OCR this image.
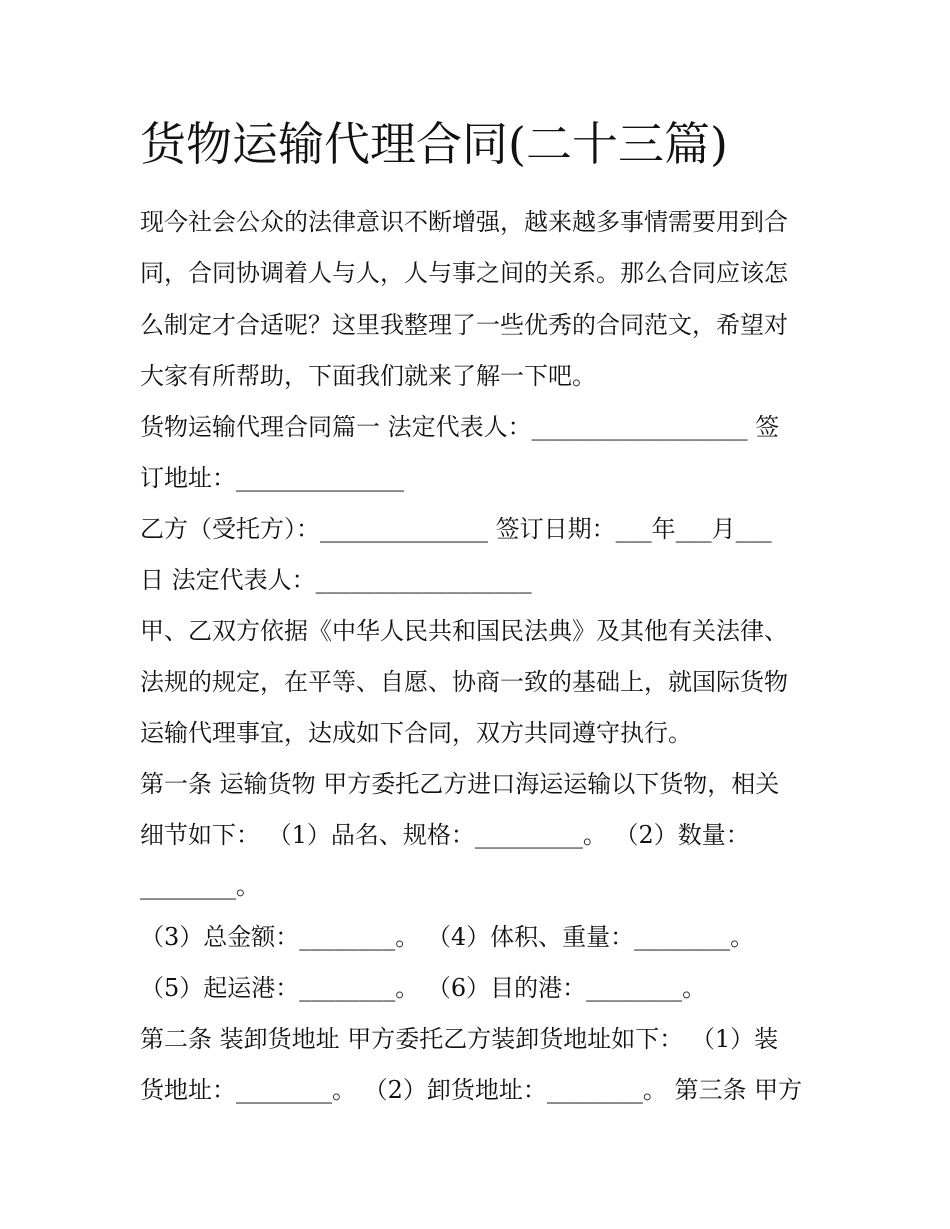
货物运输代理合同(二十三篇)
现今社会公众的法律意识不断增强，越来越多事情需要用到合
同，合同协调着人与人，人与事之间的关系。那么合同应该怎
么制定才合适呢？这里我整理了一些优秀的合同范文，希望对
大家有所帮助，下面我们就来了解一下吧。
货物运输代理合同篇一 法定代表人：__________________ 签
订地址：______________
乙方（受托方）：______________ 签订日期：___年___月___
日 法定代表人：__________________
甲、乙双方依据《中华人民共和国民法典》及其他有关法律、
法规的规定，在平等、自愿、协商一致的基础上，就国际货物
运输代理事宜，达成如下合同，双方共同遵守执行。
第一条 运输货物 甲方委托乙方进口海运运输以下货物，相关
细节如下： （1）品名、规格：_________。 （2）数量：
________。
（3）总金额：________。 （4）体积、重量：________。
（5）起运港：________。 （6）目的港：________。
第二条 装卸货地址 甲方委托乙方装卸货地址如下： （1）装
货地址：________。 （2）卸货地址：________。 第三条 甲方
